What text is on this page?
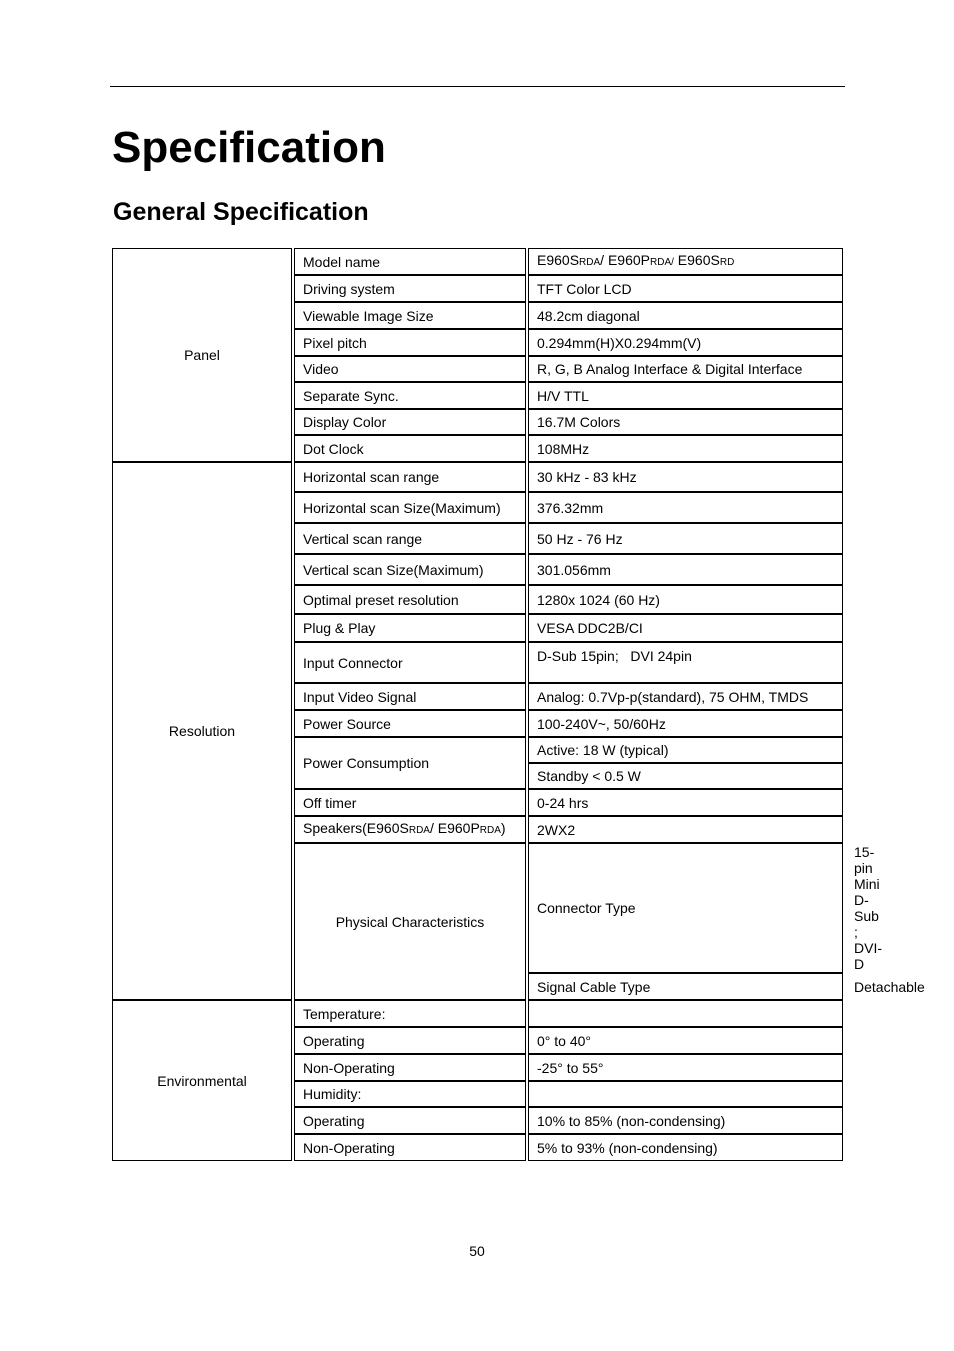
Specification
General Specification
Panel	Model name	E960SRDA/ E960PRDA/ E960SRD	
	Driving system	TFT Color LCD	
	Viewable Image Size	48.2cm diagonal	
	Pixel pitch	0.294mm(H)X0.294mm(V)	
	Video	R, G, B Analog Interface & Digital Interface	
	Separate Sync.	H/V TTL	
	Display Color	16.7M Colors	
	Dot Clock	108MHz	
Resolution	Horizontal scan range	30 kHz - 83 kHz	
	Horizontal scan Size(Maximum)	376.32mm	
	Vertical scan range	50 Hz - 76 Hz	
	Vertical scan Size(Maximum)	301.056mm	
	Optimal preset resolution	1280x 1024 (60 Hz)	
	Plug & Play	VESA DDC2B/CI	
	Input Connector	D-Sub 15pin;   DVI 24pin	
	Input Video Signal	Analog: 0.7Vp-p(standard), 75 OHM, TMDS	
	Power Source	100-240V~, 50/60Hz	
	Power Consumption	Active: 18 W (typical)	
		Standby < 0.5 W	
	Off timer	0-24 hrs	
	Speakers(E960SRDA/ E960PRDA)	2WX2	
	Physical Characteristics	Connector Type	15-pin Mini D-Sub ; DVI-D
		Signal Cable Type	Detachable
Environmental	Temperature:		
	Operating	0° to 40°	
	Non-Operating	-25° to 55°	
	Humidity:		
	Operating	10% to 85% (non-condensing)	
	Non-Operating	5% to 93% (non-condensing)	
50
